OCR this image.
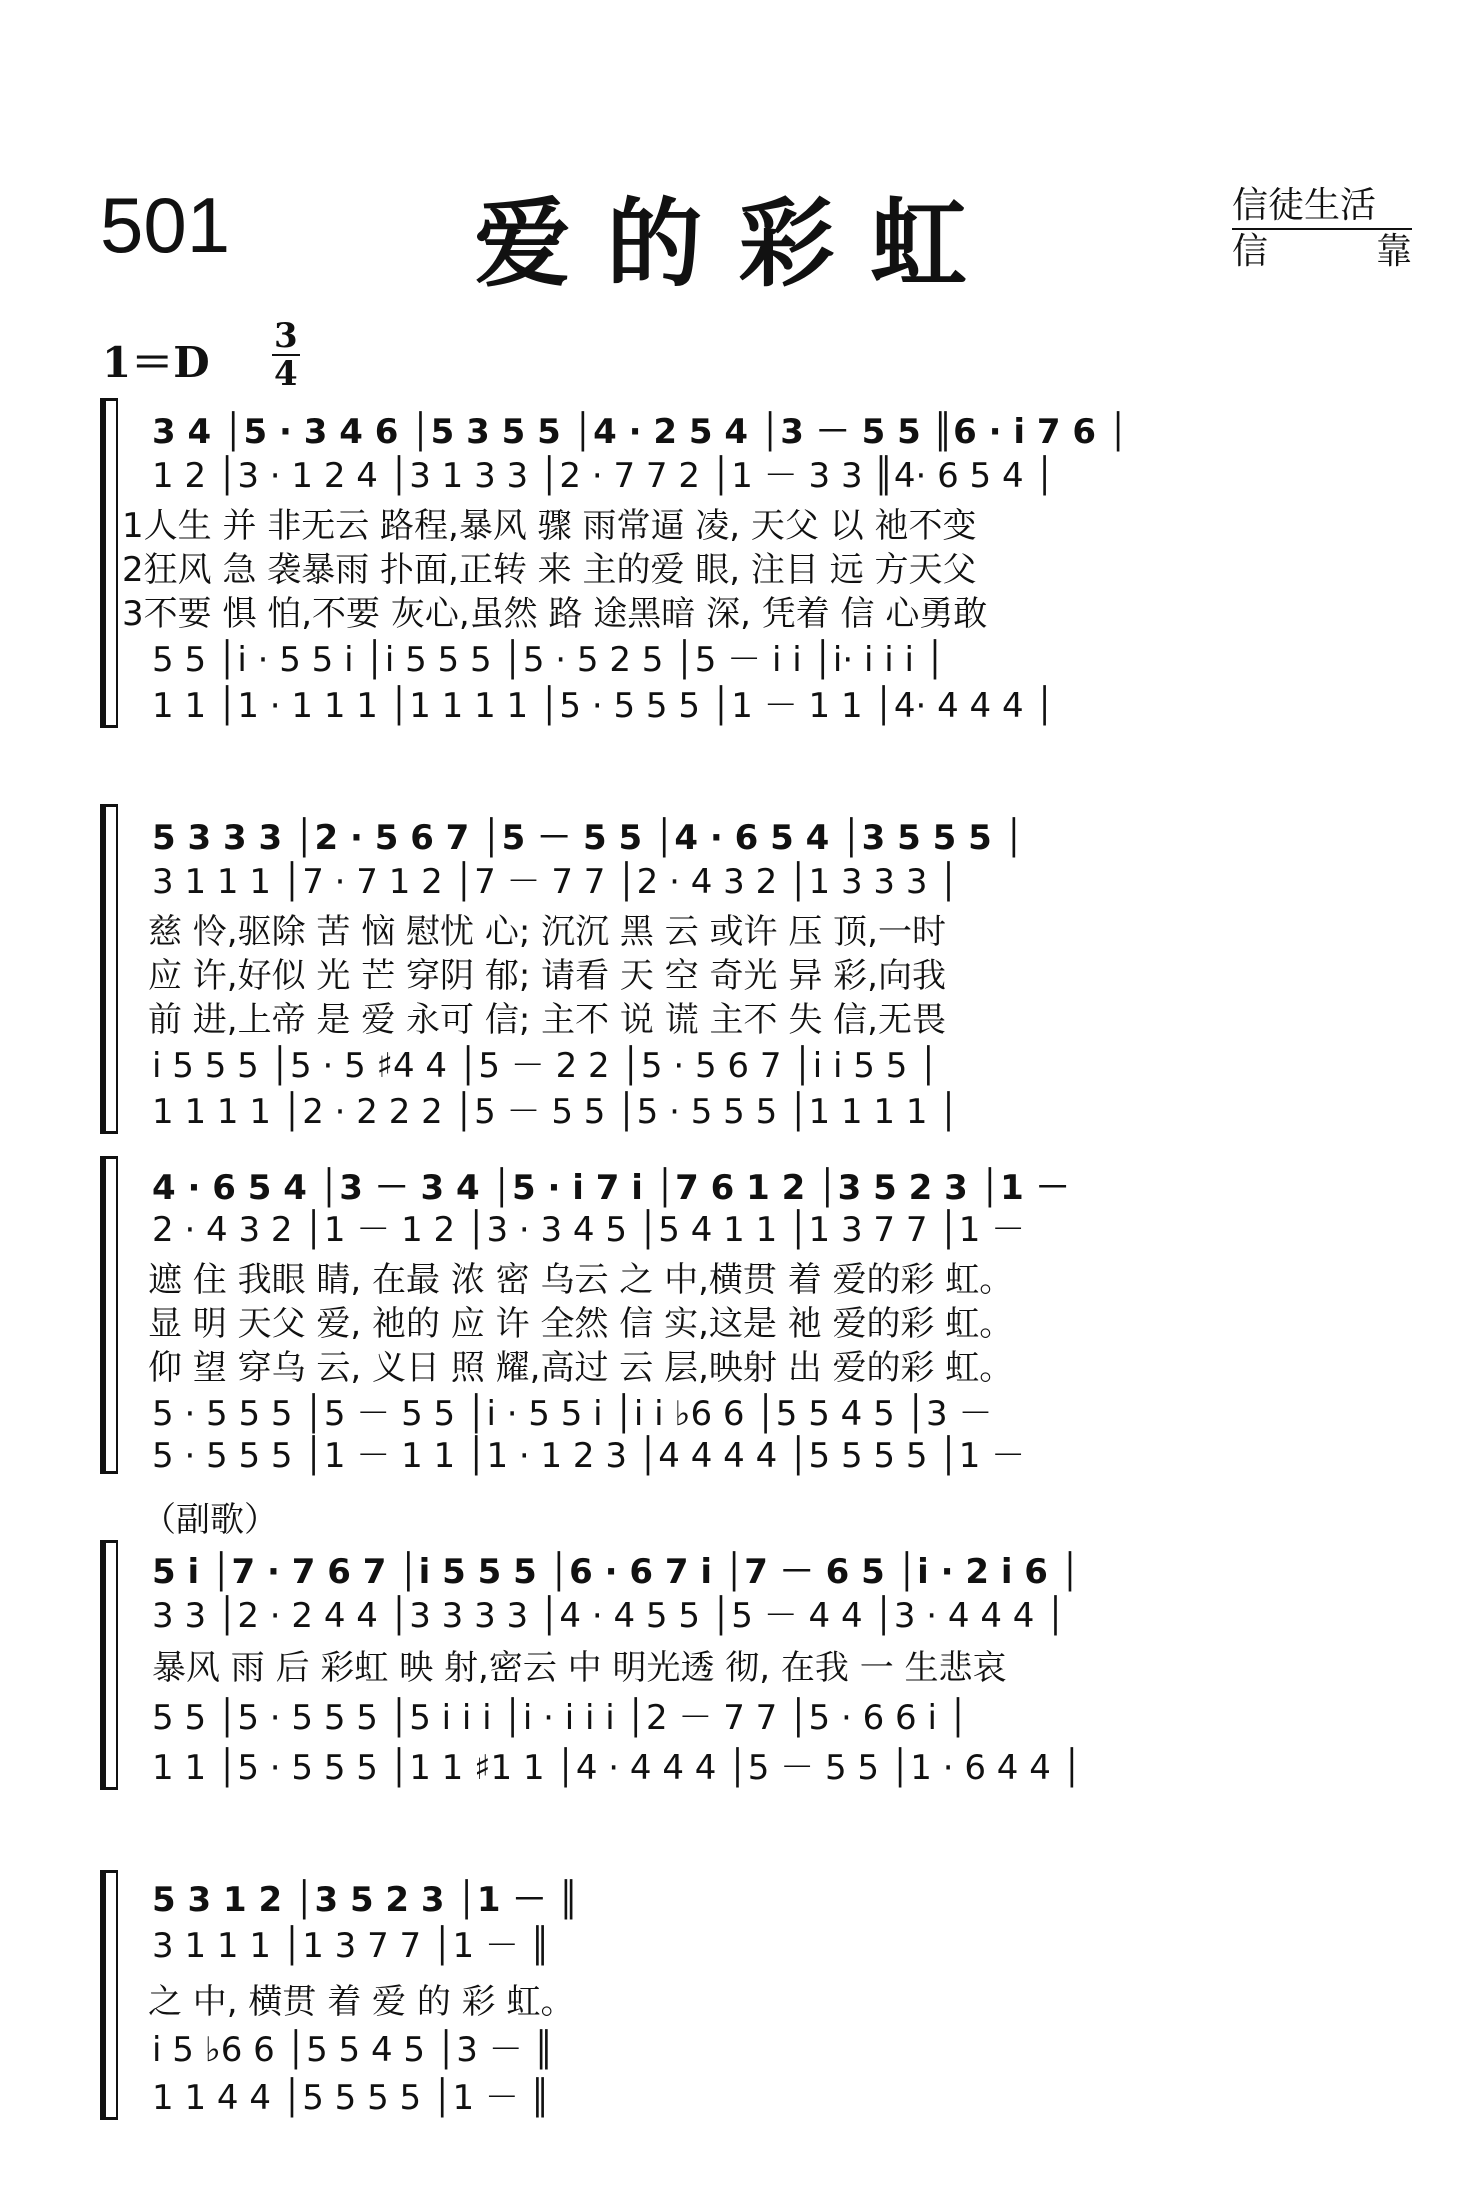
501	爱的彩虹	信徒生活
信　　　靠
1＝D
3
4
3 4 │5 · 3 4 6 │5 3 5 5 │4 · 2 5 4 │3 － 5 5 ║6 · i 7 6 │
1 2 │3 · 1 2 4 │3 1 3 3 │2 · 7 7 2 │1 － 3 3 ║4· 6 5 4 │
1人生 并 非无云 路程,暴风 骤 雨常逼 凌, 天父 以 祂不变
2狂风 急 袭暴雨 扑面,正转 来 主的爱 眼, 注目 远 方天父
3不要 惧 怕,不要 灰心,虽然 路 途黑暗 深, 凭着 信 心勇敢
5 5 │i · 5 5 i │i 5 5 5 │5 · 5 2 5 │5 － i i │i· i i i │
1 1 │1 · 1 1 1 │1 1 1 1 │5 · 5 5 5 │1 － 1 1 │4· 4 4 4 │
5 3 3 3 │2 · 5 6 7 │5 － 5 5 │4 · 6 5 4 │3 5 5 5 │
3 1 1 1 │7 · 7 1 2 │7 － 7 7 │2 · 4 3 2 │1 3 3 3 │
慈 怜,驱除 苦 恼 慰忧 心; 沉沉 黑 云 或许 压 顶,一时
应 许,好似 光 芒 穿阴 郁; 请看 天 空 奇光 异 彩,向我
前 进,上帝 是 爱 永可 信; 主不 说 谎 主不 失 信,无畏
i 5 5 5 │5 · 5 ♯4 4 │5 － 2 2 │5 · 5 6 7 │i i 5 5 │
1 1 1 1 │2 · 2 2 2 │5 － 5 5 │5 · 5 5 5 │1 1 1 1 │
4 · 6 5 4 │3 － 3 4 │5 · i 7 i │7 6 1 2 │3 5 2 3 │1 －
2 · 4 3 2 │1 － 1 2 │3 · 3 4 5 │5 4 1 1 │1 3 7 7 │1 －
遮 住 我眼 睛, 在最 浓 密 乌云 之 中,横贯 着 爱的彩 虹。
显 明 天父 爱, 祂的 应 许 全然 信 实,这是 祂 爱的彩 虹。
仰 望 穿乌 云, 义日 照 耀,高过 云 层,映射 出 爱的彩 虹。
5 · 5 5 5 │5 － 5 5 │i · 5 5 i │i i ♭6 6 │5 5 4 5 │3 －
5 · 5 5 5 │1 － 1 1 │1 · 1 2 3 │4 4 4 4 │5 5 5 5 │1 －
（副歌）
5 i │7 · 7 6 7 │i 5 5 5 │6 · 6 7 i │7 － 6 5 │i · 2 i 6 │
3 3 │2 · 2 4 4 │3 3 3 3 │4 · 4 5 5 │5 － 4 4 │3 · 4 4 4 │
暴风 雨 后 彩虹 映 射,密云 中 明光透 彻, 在我 一 生悲哀
5 5 │5 · 5 5 5 │5 i i i │i · i i i │2 － 7 7 │5 · 6 6 i │
1 1 │5 · 5 5 5 │1 1 ♯1 1 │4 · 4 4 4 │5 － 5 5 │1 · 6 4 4 │
5 3 1 2 │3 5 2 3 │1 － ║
3 1 1 1 │1 3 7 7 │1 － ║
之 中, 横贯 着 爱 的 彩 虹。
i 5 ♭6 6 │5 5 4 5 │3 － ║
1 1 4 4 │5 5 5 5 │1 － ║
